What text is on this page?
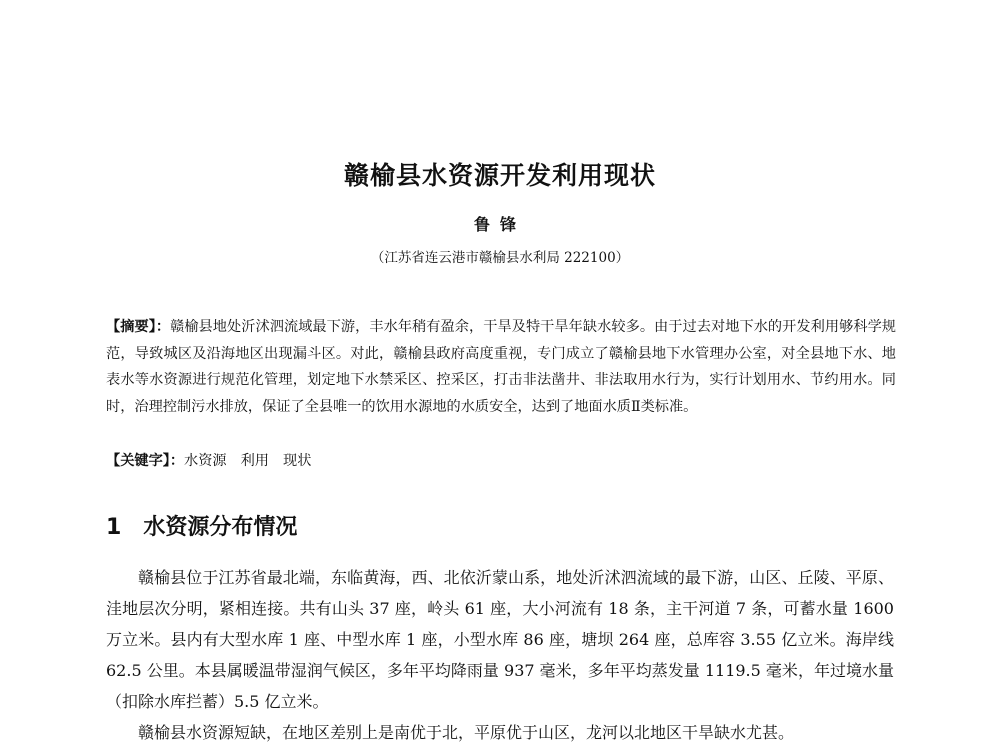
赣榆县水资源开发利用现状
鲁锋
（江苏省连云港市赣榆县水利局 222100）
【摘要】：赣榆县地处沂沭泗流域最下游，丰水年稍有盈余，干旱及特干旱年缺水较多。由于过去对地下水的开发利用够科学规范，导致城区及沿海地区出现漏斗区。对此，赣榆县政府高度重视，专门成立了赣榆县地下水管理办公室，对全县地下水、地表水等水资源进行规范化管理，划定地下水禁采区、控采区，打击非法凿井、非法取用水行为，实行计划用水、节约用水。同时，治理控制污水排放，保证了全县唯一的饮用水源地的水质安全，达到了地面水质Ⅱ类标准。
【关键字】：水资源 利用 现状
1 水资源分布情况

赣榆县位于江苏省最北端，东临黄海，西、北依沂蒙山系，地处沂沭泗流域的最下游，山区、丘陵、平原、洼地层次分明，紧相连接。共有山头 37 座，岭头 61 座，大小河流有 18 条，主干河道 7 条，可蓄水量 1600 万立米。县内有大型水库 1 座、中型水库 1 座，小型水库 86 座，塘坝 264 座，总库容 3.55 亿立米。海岸线 62.5 公里。本县属暖温带湿润气候区，多年平均降雨量 937 毫米，多年平均蒸发量 1119.5 毫米，年过境水量（扣除水库拦蓄）5.5 亿立米。

赣榆县水资源短缺，在地区差别上是南优于北，平原优于山区，龙河以北地区干旱缺水尤甚。
